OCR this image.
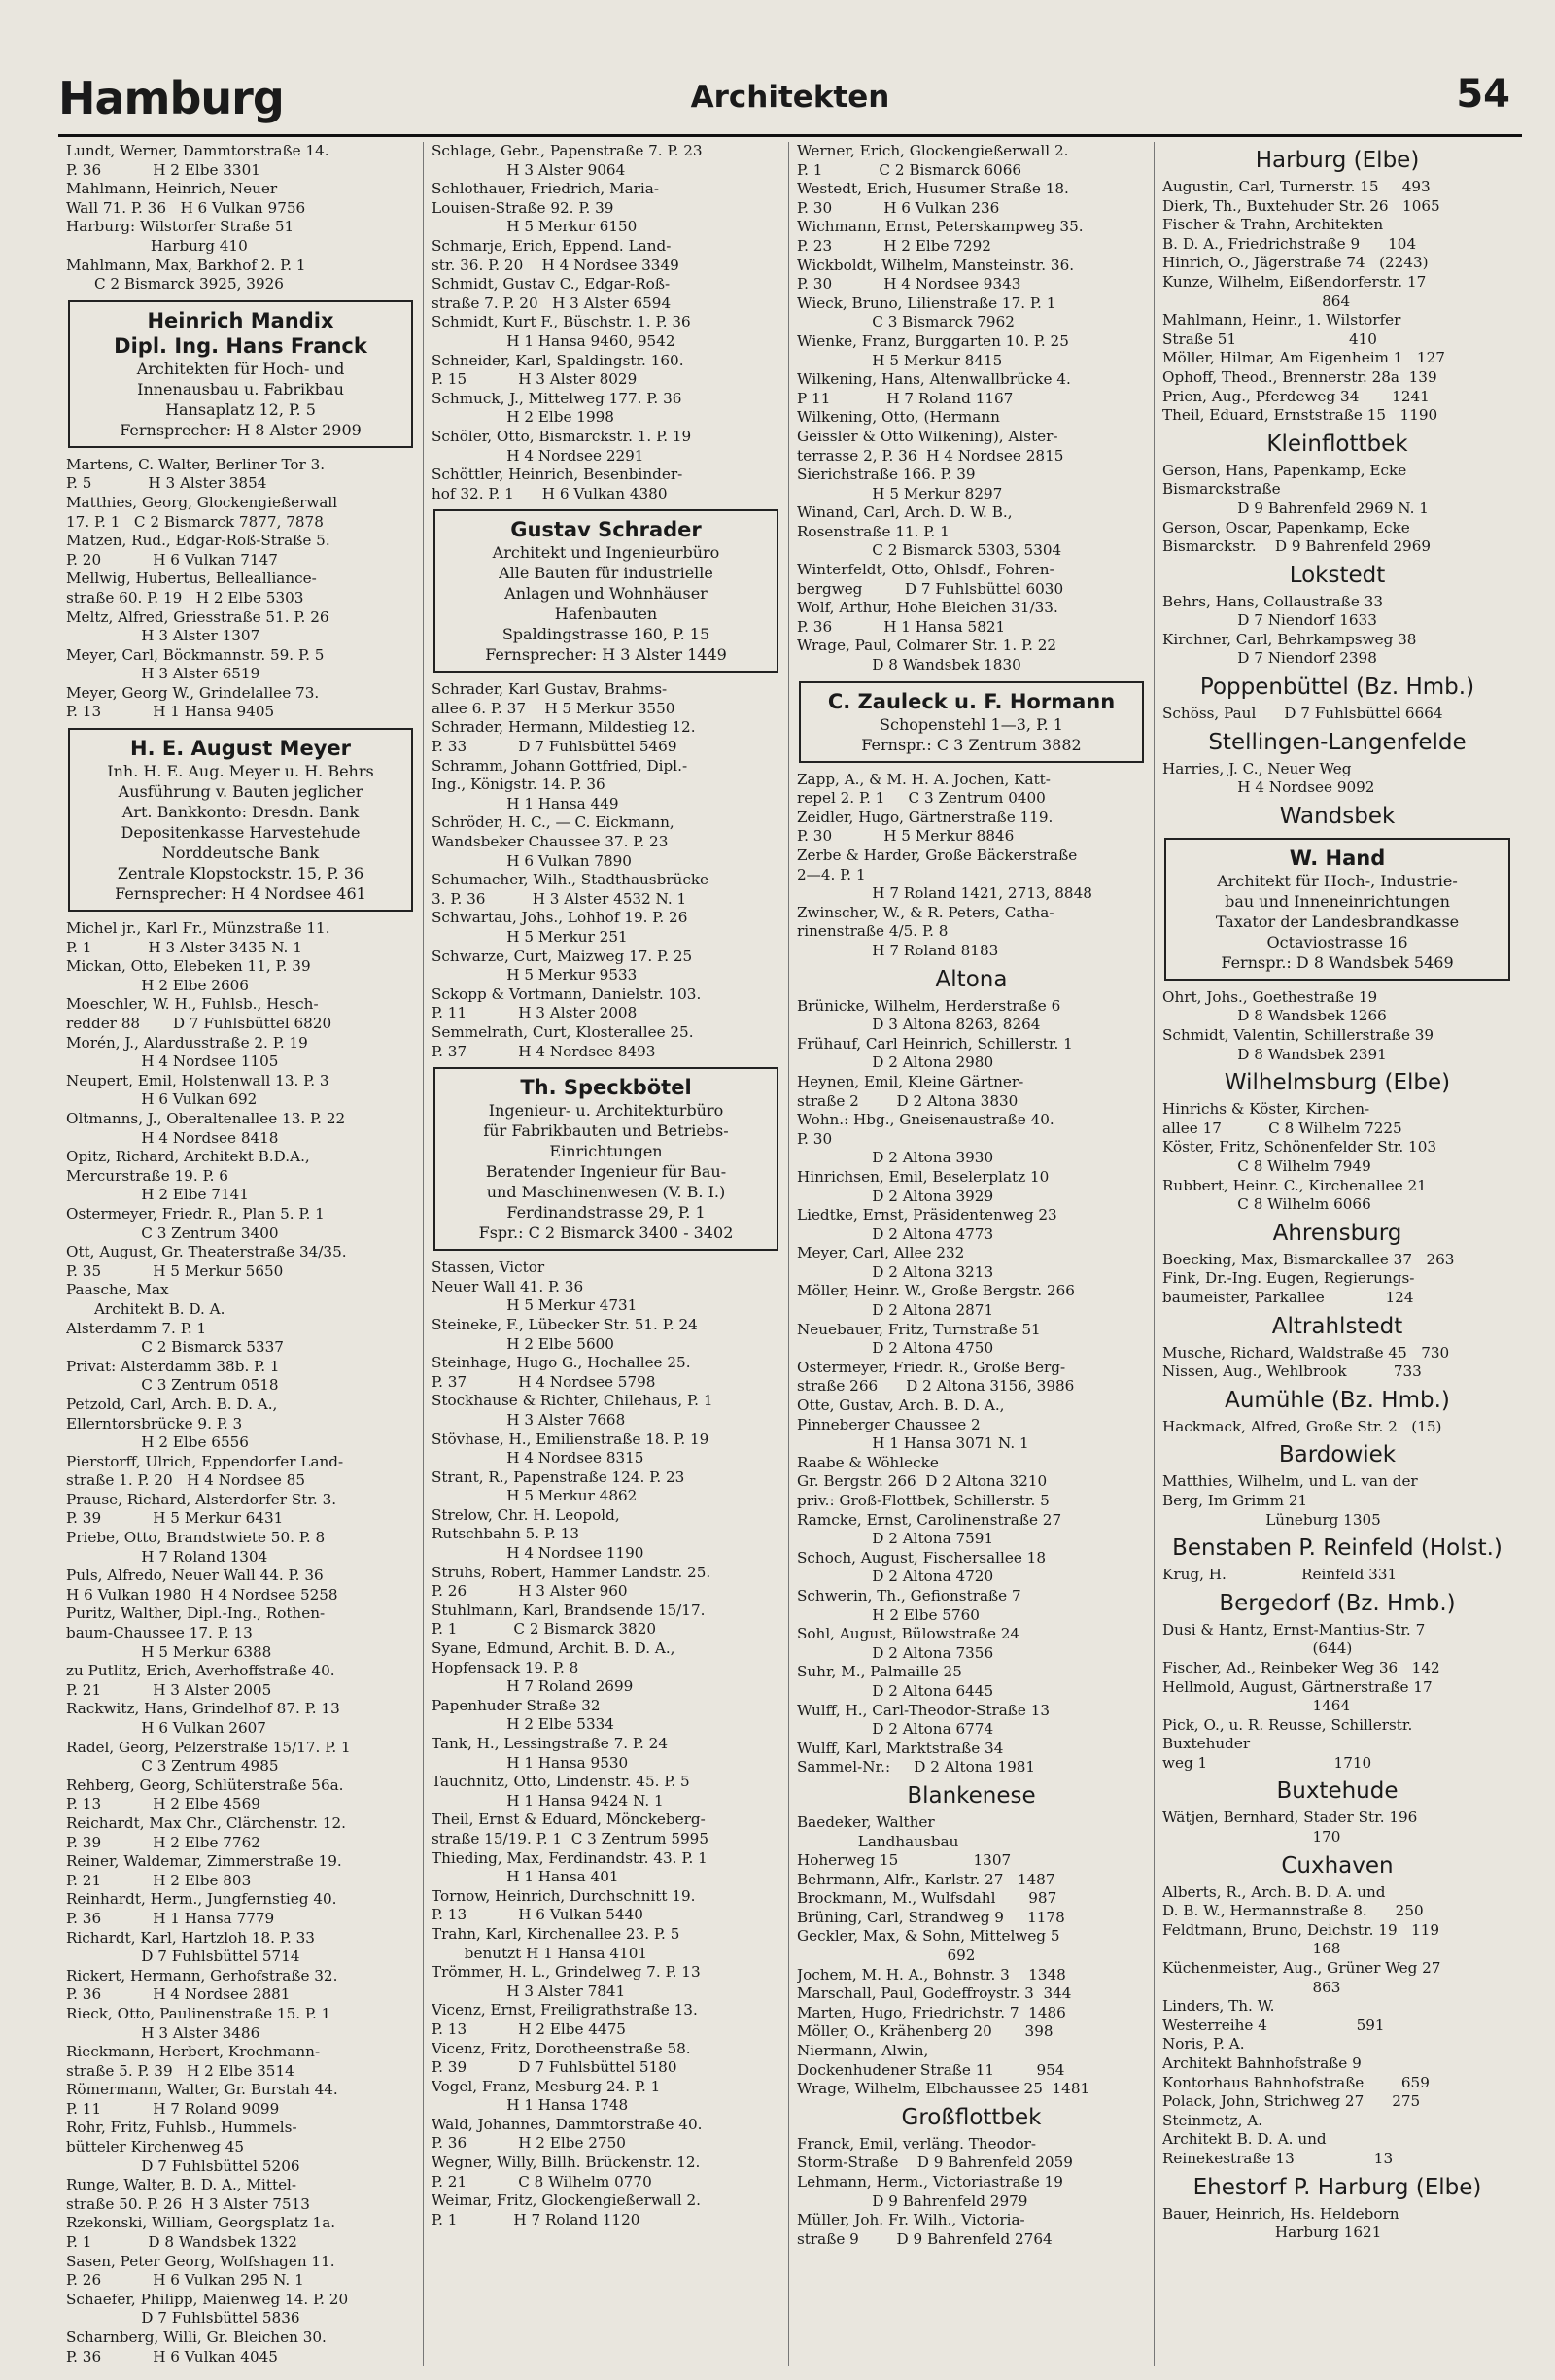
Hamburg	Architekten	54
Lundt, Werner, Dammtorstraße 14.
P. 36           H 2 Elbe 3301
Mahlmann, Heinrich, Neuer
Wall 71. P. 36   H 6 Vulkan 9756
Harburg: Wilstorfer Straße 51
Harburg 410
Mahlmann, Max, Barkhof 2. P. 1
C 2 Bismarck 3925, 3926
Heinrich Mandix
Dipl. Ing. Hans Franck
Architekten für Hoch- und
Innenausbau u. Fabrikbau
Hansaplatz 12, P. 5
Fernsprecher: H 8 Alster 2909
Martens, C. Walter, Berliner Tor 3.
P. 5            H 3 Alster 3854
Matthies, Georg, Glockengießerwall
17. P. 1   C 2 Bismarck 7877, 7878
Matzen, Rud., Edgar-Roß-Straße 5.
P. 20           H 6 Vulkan 7147
Mellwig, Hubertus, Bellealliance-
straße 60. P. 19   H 2 Elbe 5303
Meltz, Alfred, Griesstraße 51. P. 26
H 3 Alster 1307
Meyer, Carl, Böckmannstr. 59. P. 5
H 3 Alster 6519
Meyer, Georg W., Grindelallee 73.
P. 13           H 1 Hansa 9405
H. E. August Meyer
Inh. H. E. Aug. Meyer u. H. Behrs
Ausführung v. Bauten jeglicher
Art. Bankkonto: Dresdn. Bank
Depositenkasse Harvestehude
Norddeutsche Bank
Zentrale Klopstockstr. 15, P. 36
Fernsprecher: H 4 Nordsee 461
Michel jr., Karl Fr., Münzstraße 11.
P. 1            H 3 Alster 3435 N. 1
Mickan, Otto, Elebeken 11, P. 39
H 2 Elbe 2606
Moeschler, W. H., Fuhlsb., Hesch-
redder 88       D 7 Fuhlsbüttel 6820
Morén, J., Alardusstraße 2. P. 19
H 4 Nordsee 1105
Neupert, Emil, Holstenwall 13. P. 3
H 6 Vulkan 692
Oltmanns, J., Oberaltenallee 13. P. 22
H 4 Nordsee 8418
Opitz, Richard, Architekt B.D.A.,
Mercurstraße 19. P. 6
H 2 Elbe 7141
Ostermeyer, Friedr. R., Plan 5. P. 1
C 3 Zentrum 3400
Ott, August, Gr. Theaterstraße 34/35.
P. 35           H 5 Merkur 5650
Paasche, Max
Architekt B. D. A.
Alsterdamm 7. P. 1
C 2 Bismarck 5337
Privat: Alsterdamm 38b. P. 1
C 3 Zentrum 0518
Petzold, Carl, Arch. B. D. A.,
Ellerntorsbrücke 9. P. 3
H 2 Elbe 6556
Pierstorff, Ulrich, Eppendorfer Land-
straße 1. P. 20   H 4 Nordsee 85
Prause, Richard, Alsterdorfer Str. 3.
P. 39           H 5 Merkur 6431
Priebe, Otto, Brandstwiete 50. P. 8
H 7 Roland 1304
Puls, Alfredo, Neuer Wall 44. P. 36
H 6 Vulkan 1980  H 4 Nordsee 5258
Puritz, Walther, Dipl.-Ing., Rothen-
baum-Chaussee 17. P. 13
H 5 Merkur 6388
zu Putlitz, Erich, Averhoffstraße 40.
P. 21           H 3 Alster 2005
Rackwitz, Hans, Grindelhof 87. P. 13
H 6 Vulkan 2607
Radel, Georg, Pelzerstraße 15/17. P. 1
C 3 Zentrum 4985
Rehberg, Georg, Schlüterstraße 56a.
P. 13           H 2 Elbe 4569
Reichardt, Max Chr., Clärchenstr. 12.
P. 39           H 2 Elbe 7762
Reiner, Waldemar, Zimmerstraße 19.
P. 21           H 2 Elbe 803
Reinhardt, Herm., Jungfernstieg 40.
P. 36           H 1 Hansa 7779
Richardt, Karl, Hartzloh 18. P. 33
D 7 Fuhlsbüttel 5714
Rickert, Hermann, Gerhofstraße 32.
P. 36           H 4 Nordsee 2881
Rieck, Otto, Paulinenstraße 15. P. 1
H 3 Alster 3486
Rieckmann, Herbert, Krochmann-
straße 5. P. 39   H 2 Elbe 3514
Römermann, Walter, Gr. Burstah 44.
P. 11           H 7 Roland 9099
Rohr, Fritz, Fuhlsb., Hummels-
bütteler Kirchenweg 45
D 7 Fuhlsbüttel 5206
Runge, Walter, B. D. A., Mittel-
straße 50. P. 26  H 3 Alster 7513
Rzekonski, William, Georgsplatz 1a.
P. 1            D 8 Wandsbek 1322
Sasen, Peter Georg, Wolfshagen 11.
P. 26           H 6 Vulkan 295 N. 1
Schaefer, Philipp, Maienweg 14. P. 20
D 7 Fuhlsbüttel 5836
Scharnberg, Willi, Gr. Bleichen 30.
P. 36           H 6 Vulkan 4045
Schlage, Gebr., Papenstraße 7. P. 23
H 3 Alster 9064
Schlothauer, Friedrich, Maria-
Louisen-Straße 92. P. 39
H 5 Merkur 6150
Schmarje, Erich, Eppend. Land-
str. 36. P. 20    H 4 Nordsee 3349
Schmidt, Gustav C., Edgar-Roß-
straße 7. P. 20   H 3 Alster 6594
Schmidt, Kurt F., Büschstr. 1. P. 36
H 1 Hansa 9460, 9542
Schneider, Karl, Spaldingstr. 160.
P. 15           H 3 Alster 8029
Schmuck, J., Mittelweg 177. P. 36
H 2 Elbe 1998
Schöler, Otto, Bismarckstr. 1. P. 19
H 4 Nordsee 2291
Schöttler, Heinrich, Besenbinder-
hof 32. P. 1      H 6 Vulkan 4380
Gustav Schrader
Architekt und Ingenieurbüro
Alle Bauten für industrielle
Anlagen und Wohnhäuser
Hafenbauten
Spaldingstrasse 160, P. 15
Fernsprecher: H 3 Alster 1449
Schrader, Karl Gustav, Brahms-
allee 6. P. 37    H 5 Merkur 3550
Schrader, Hermann, Mildestieg 12.
P. 33           D 7 Fuhlsbüttel 5469
Schramm, Johann Gottfried, Dipl.-
Ing., Königstr. 14. P. 36
H 1 Hansa 449
Schröder, H. C., — C. Eickmann,
Wandsbeker Chaussee 37. P. 23
H 6 Vulkan 7890
Schumacher, Wilh., Stadthausbrücke
3. P. 36          H 3 Alster 4532 N. 1
Schwartau, Johs., Lohhof 19. P. 26
H 5 Merkur 251
Schwarze, Curt, Maizweg 17. P. 25
H 5 Merkur 9533
Sckopp & Vortmann, Danielstr. 103.
P. 11           H 3 Alster 2008
Semmelrath, Curt, Klosterallee 25.
P. 37           H 4 Nordsee 8493
Th. Speckbötel
Ingenieur- u. Architekturbüro
für Fabrikbauten und Betriebs-
Einrichtungen
Beratender Ingenieur für Bau-
und Maschinenwesen (V. B. I.)
Ferdinandstrasse 29, P. 1
Fspr.: C 2 Bismarck 3400 - 3402
Stassen, Victor
Neuer Wall 41. P. 36
H 5 Merkur 4731
Steineke, F., Lübecker Str. 51. P. 24
H 2 Elbe 5600
Steinhage, Hugo G., Hochallee 25.
P. 37           H 4 Nordsee 5798
Stockhause & Richter, Chilehaus, P. 1
H 3 Alster 7668
Stövhase, H., Emilienstraße 18. P. 19
H 4 Nordsee 8315
Strant, R., Papenstraße 124. P. 23
H 5 Merkur 4862
Strelow, Chr. H. Leopold,
Rutschbahn 5. P. 13
H 4 Nordsee 1190
Struhs, Robert, Hammer Landstr. 25.
P. 26           H 3 Alster 960
Stuhlmann, Karl, Brandsende 15/17.
P. 1            C 2 Bismarck 3820
Syane, Edmund, Archit. B. D. A.,
Hopfensack 19. P. 8
H 7 Roland 2699
Papenhuder Straße 32
H 2 Elbe 5334
Tank, H., Lessingstraße 7. P. 24
H 1 Hansa 9530
Tauchnitz, Otto, Lindenstr. 45. P. 5
H 1 Hansa 9424 N. 1
Theil, Ernst & Eduard, Mönckeberg-
straße 15/19. P. 1  C 3 Zentrum 5995
Thieding, Max, Ferdinandstr. 43. P. 1
H 1 Hansa 401
Tornow, Heinrich, Durchschnitt 19.
P. 13           H 6 Vulkan 5440
Trahn, Karl, Kirchenallee 23. P. 5
benutzt H 1 Hansa 4101
Trömmer, H. L., Grindelweg 7. P. 13
H 3 Alster 7841
Vicenz, Ernst, Freiligrathstraße 13.
P. 13           H 2 Elbe 4475
Vicenz, Fritz, Dorotheenstraße 58.
P. 39           D 7 Fuhlsbüttel 5180
Vogel, Franz, Mesburg 24. P. 1
H 1 Hansa 1748
Wald, Johannes, Dammtorstraße 40.
P. 36           H 2 Elbe 2750
Wegner, Willy, Billh. Brückenstr. 12.
P. 21           C 8 Wilhelm 0770
Weimar, Fritz, Glockengießerwall 2.
P. 1            H 7 Roland 1120
Werner, Erich, Glockengießerwall 2.
P. 1            C 2 Bismarck 6066
Westedt, Erich, Husumer Straße 18.
P. 30           H 6 Vulkan 236
Wichmann, Ernst, Peterskampweg 35.
P. 23           H 2 Elbe 7292
Wickboldt, Wilhelm, Mansteinstr. 36.
P. 30           H 4 Nordsee 9343
Wieck, Bruno, Lilienstraße 17. P. 1
C 3 Bismarck 7962
Wienke, Franz, Burggarten 10. P. 25
H 5 Merkur 8415
Wilkening, Hans, Altenwallbrücke 4.
P 11            H 7 Roland 1167
Wilkening, Otto, (Hermann
Geissler & Otto Wilkening), Alster-
terrasse 2, P. 36  H 4 Nordsee 2815
Sierichstraße 166. P. 39
H 5 Merkur 8297
Winand, Carl, Arch. D. W. B.,
Rosenstraße 11. P. 1
C 2 Bismarck 5303, 5304
Winterfeldt, Otto, Ohlsdf., Fohren-
bergweg         D 7 Fuhlsbüttel 6030
Wolf, Arthur, Hohe Bleichen 31/33.
P. 36           H 1 Hansa 5821
Wrage, Paul, Colmarer Str. 1. P. 22
D 8 Wandsbek 1830
C. Zauleck u. F. Hormann
Schopenstehl 1—3, P. 1
Fernspr.: C 3 Zentrum 3882
Zapp, A., & M. H. A. Jochen, Katt-
repel 2. P. 1     C 3 Zentrum 0400
Zeidler, Hugo, Gärtnerstraße 119.
P. 30           H 5 Merkur 8846
Zerbe & Harder, Große Bäckerstraße
2—4. P. 1
H 7 Roland 1421, 2713, 8848
Zwinscher, W., & R. Peters, Catha-
rinenstraße 4/5. P. 8
H 7 Roland 8183
Altona
Brünicke, Wilhelm, Herderstraße 6
D 3 Altona 8263, 8264
Frühauf, Carl Heinrich, Schillerstr. 1
D 2 Altona 2980
Heynen, Emil, Kleine Gärtner-
straße 2        D 2 Altona 3830
Wohn.: Hbg., Gneisenaustraße 40.
P. 30
D 2 Altona 3930
Hinrichsen, Emil, Beselerplatz 10
D 2 Altona 3929
Liedtke, Ernst, Präsidentenweg 23
D 2 Altona 4773
Meyer, Carl, Allee 232
D 2 Altona 3213
Möller, Heinr. W., Große Bergstr. 266
D 2 Altona 2871
Neuebauer, Fritz, Turnstraße 51
D 2 Altona 4750
Ostermeyer, Friedr. R., Große Berg-
straße 266      D 2 Altona 3156, 3986
Otte, Gustav, Arch. B. D. A.,
Pinneberger Chaussee 2
H 1 Hansa 3071 N. 1
Raabe & Wöhlecke
Gr. Bergstr. 266  D 2 Altona 3210
priv.: Groß-Flottbek, Schillerstr. 5
Ramcke, Ernst, Carolinenstraße 27
D 2 Altona 7591
Schoch, August, Fischersallee 18
D 2 Altona 4720
Schwerin, Th., Gefionstraße 7
H 2 Elbe 5760
Sohl, August, Bülowstraße 24
D 2 Altona 7356
Suhr, M., Palmaille 25
D 2 Altona 6445
Wulff, H., Carl-Theodor-Straße 13
D 2 Altona 6774
Wulff, Karl, Marktstraße 34
Sammel-Nr.:     D 2 Altona 1981
Blankenese
Baedeker, Walther
Landhausbau
Hoherweg 15                1307
Behrmann, Alfr., Karlstr. 27   1487
Brockmann, M., Wulfsdahl       987
Brüning, Carl, Strandweg 9     1178
Geckler, Max, & Sohn, Mittelweg 5
692
Jochem, M. H. A., Bohnstr. 3    1348
Marschall, Paul, Godeffroystr. 3  344
Marten, Hugo, Friedrichstr. 7  1486
Möller, O., Krähenberg 20       398
Niermann, Alwin,
Dockenhudener Straße 11         954
Wrage, Wilhelm, Elbchaussee 25  1481
Großflottbek
Franck, Emil, verläng. Theodor-
Storm-Straße    D 9 Bahrenfeld 2059
Lehmann, Herm., Victoriastraße 19
D 9 Bahrenfeld 2979
Müller, Joh. Fr. Wilh., Victoria-
straße 9        D 9 Bahrenfeld 2764
Harburg (Elbe)
Augustin, Carl, Turnerstr. 15     493
Dierk, Th., Buxtehuder Str. 26   1065
Fischer & Trahn, Architekten
B. D. A., Friedrichstraße 9      104
Hinrich, O., Jägerstraße 74   (2243)
Kunze, Wilhelm, Eißendorferstr. 17
864
Mahlmann, Heinr., 1. Wilstorfer
Straße 51                        410
Möller, Hilmar, Am Eigenheim 1   127
Ophoff, Theod., Brennerstr. 28a  139
Prien, Aug., Pferdeweg 34       1241
Theil, Eduard, Ernststraße 15   1190
Kleinflottbek
Gerson, Hans, Papenkamp, Ecke
Bismarckstraße
D 9 Bahrenfeld 2969 N. 1
Gerson, Oscar, Papenkamp, Ecke
Bismarckstr.    D 9 Bahrenfeld 2969
Lokstedt
Behrs, Hans, Collaustraße 33
D 7 Niendorf 1633
Kirchner, Carl, Behrkampsweg 38
D 7 Niendorf 2398
Poppenbüttel (Bz. Hmb.)
Schöss, Paul      D 7 Fuhlsbüttel 6664
Stellingen-Langenfelde
Harries, J. C., Neuer Weg
H 4 Nordsee 9092
Wandsbek
W. Hand
Architekt für Hoch-, Industrie-
bau und Inneneinrichtungen
Taxator der Landesbrandkasse
Octaviostrasse 16
Fernspr.: D 8 Wandsbek 5469
Ohrt, Johs., Goethestraße 19
D 8 Wandsbek 1266
Schmidt, Valentin, Schillerstraße 39
D 8 Wandsbek 2391
Wilhelmsburg (Elbe)
Hinrichs & Köster, Kirchen-
allee 17          C 8 Wilhelm 7225
Köster, Fritz, Schönenfelder Str. 103
C 8 Wilhelm 7949
Rubbert, Heinr. C., Kirchenallee 21
C 8 Wilhelm 6066
Ahrensburg
Boecking, Max, Bismarckallee 37   263
Fink, Dr.-Ing. Eugen, Regierungs-
baumeister, Parkallee             124
Altrahlstedt
Musche, Richard, Waldstraße 45   730
Nissen, Aug., Wehlbrook          733
Aumühle (Bz. Hmb.)
Hackmack, Alfred, Große Str. 2   (15)
Bardowiek
Matthies, Wilhelm, und L. van der
Berg, Im Grimm 21
Lüneburg 1305
Benstaben P. Reinfeld (Holst.)
Krug, H.                Reinfeld 331
Bergedorf (Bz. Hmb.)
Dusi & Hantz, Ernst-Mantius-Str. 7
(644)
Fischer, Ad., Reinbeker Weg 36   142
Hellmold, August, Gärtnerstraße 17
1464
Pick, O., u. R. Reusse, Schillerstr.
Buxtehuder
weg 1                           1710
Buxtehude
Wätjen, Bernhard, Stader Str. 196
170
Cuxhaven
Alberts, R., Arch. B. D. A. und
D. B. W., Hermannstraße 8.      250
Feldtmann, Bruno, Deichstr. 19   119
168
Küchenmeister, Aug., Grüner Weg 27
863
Linders, Th. W.
Westerreihe 4                   591
Noris, P. A.
Architekt Bahnhofstraße 9
Kontorhaus Bahnhofstraße        659
Polack, John, Strichweg 27      275
Steinmetz, A.
Architekt B. D. A. und
Reinekestraße 13                 13
Ehestorf P. Harburg (Elbe)
Bauer, Heinrich, Hs. Heldeborn
Harburg 1621
